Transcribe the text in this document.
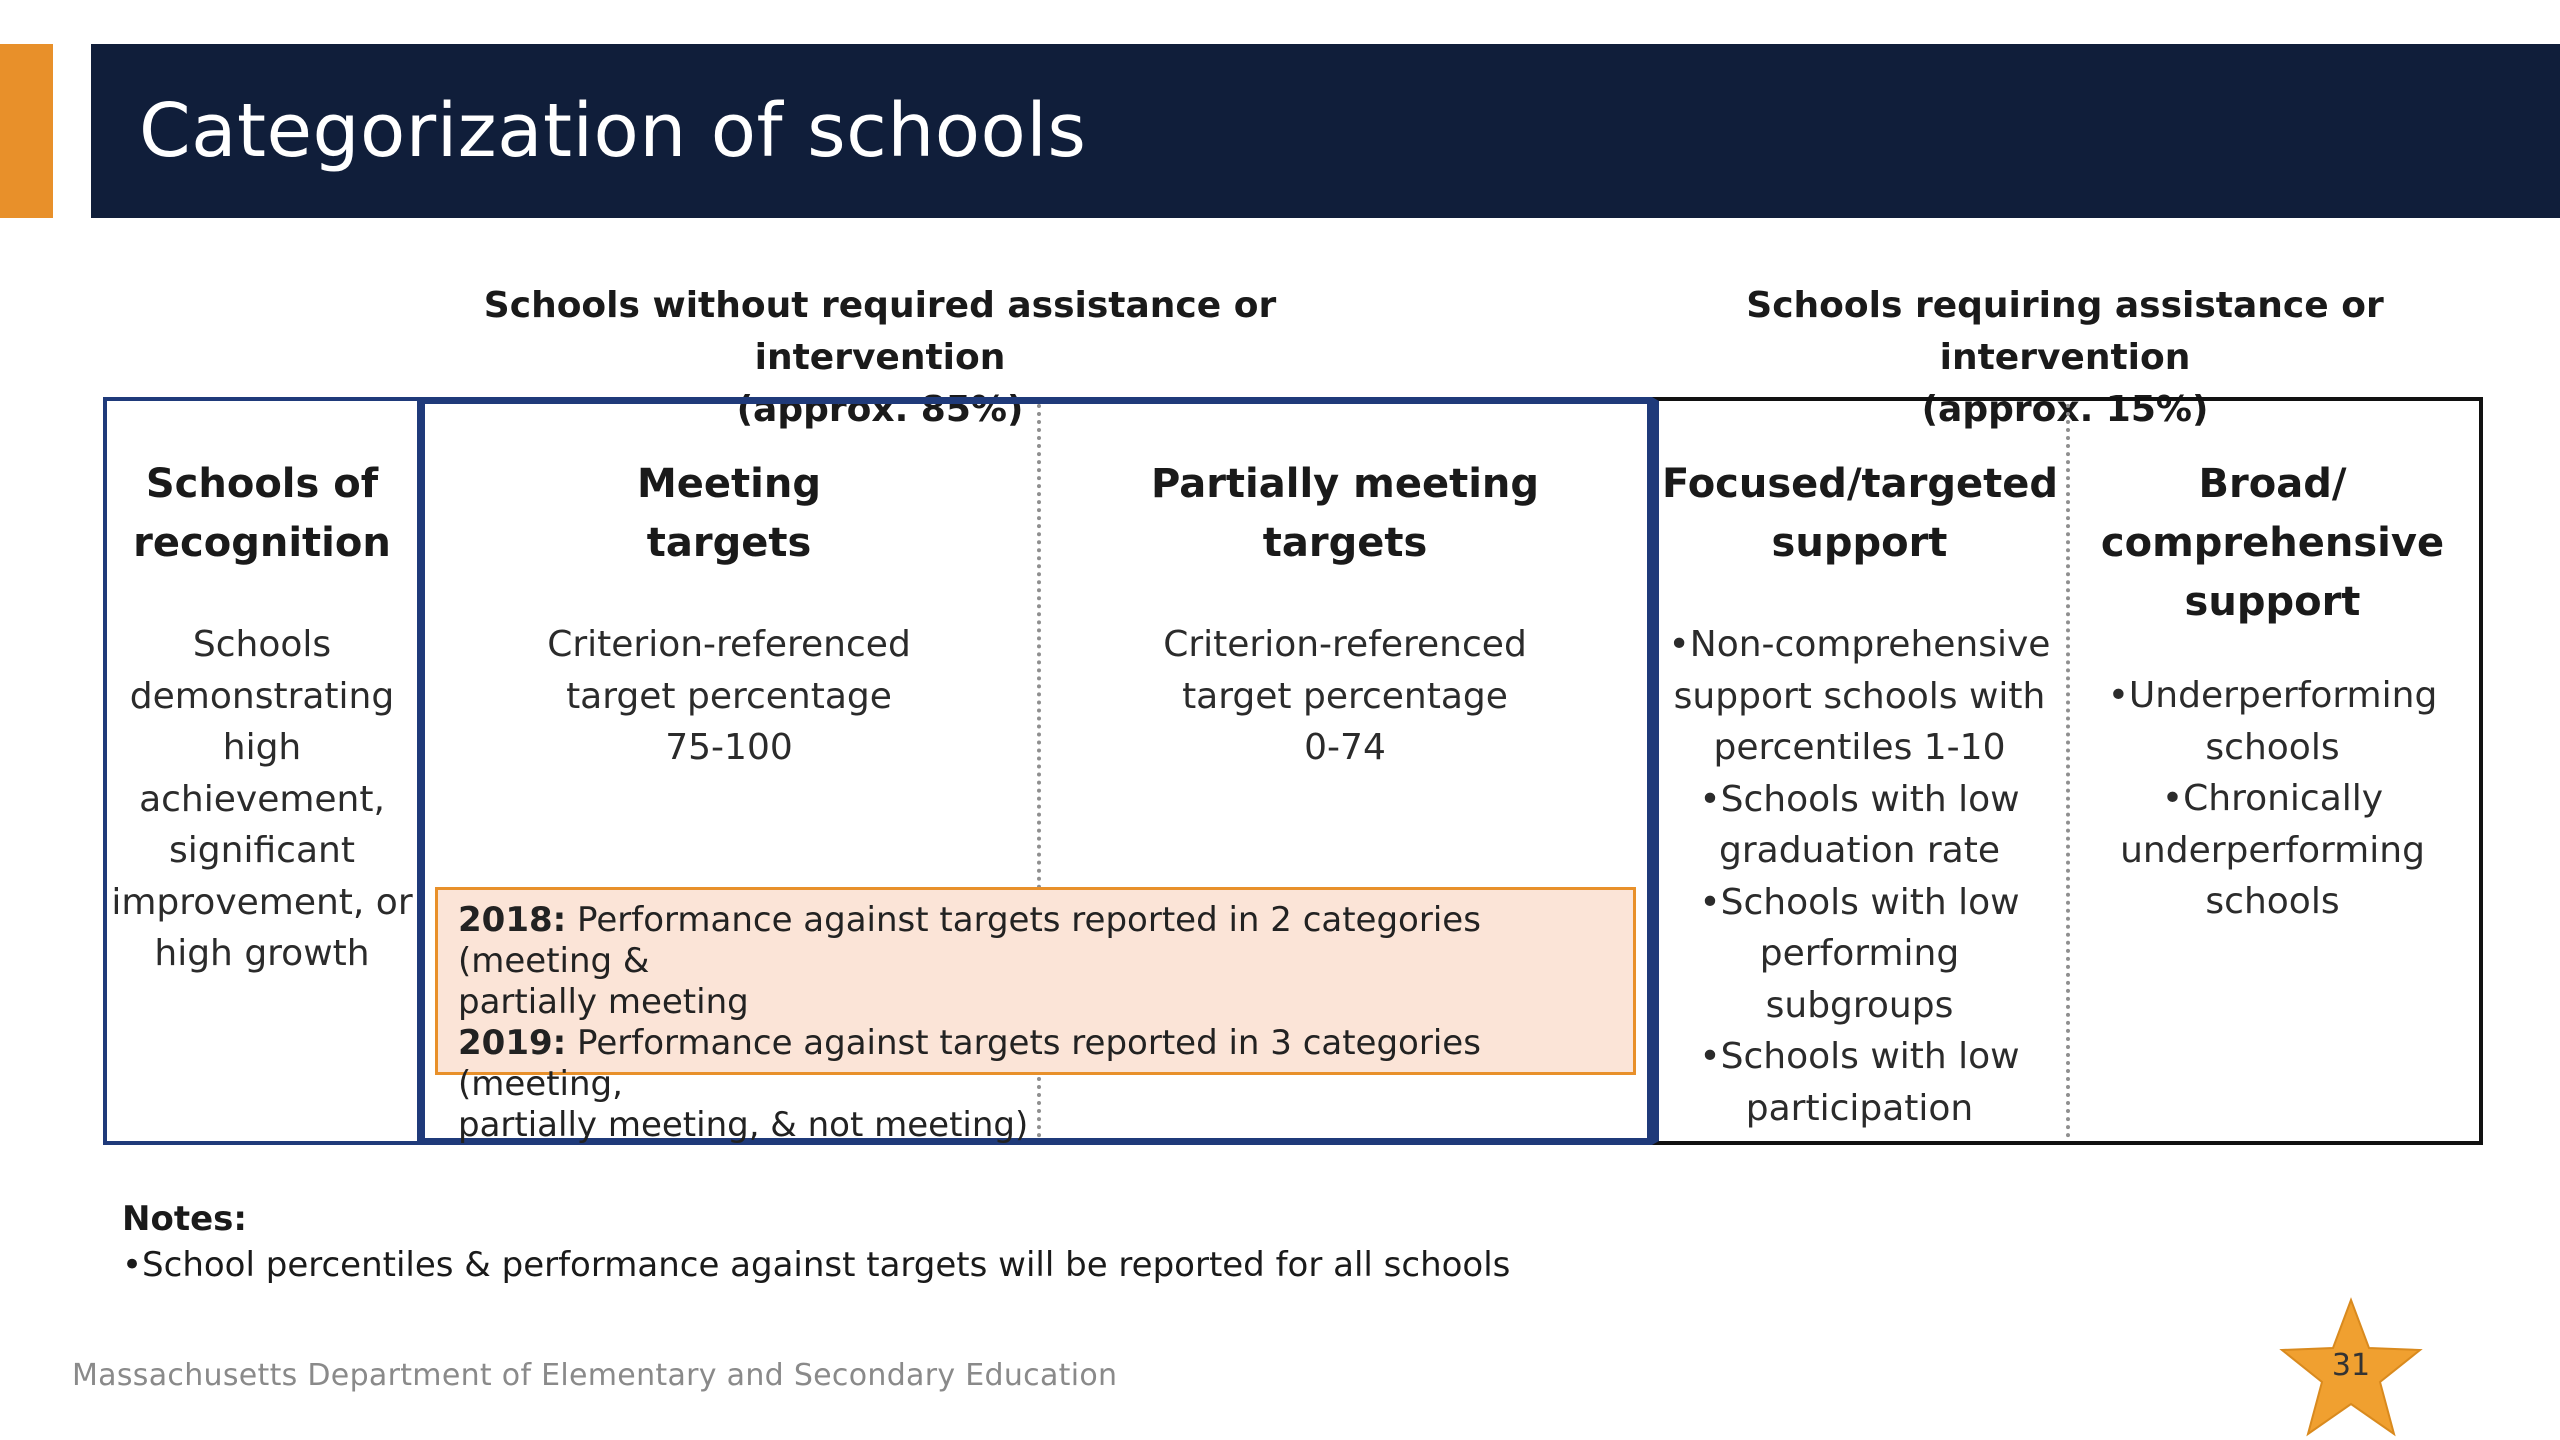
Categorization of schools
Schools without required assistance or intervention
(approx. 85%)
Schools requiring assistance or intervention
(approx. 15%)
Schools of
recognition
Schools
demonstrating
high
achievement,
significant
improvement, or
high growth
Meeting
targets
Criterion-referenced
target percentage
75-100
Partially meeting
targets
Criterion-referenced
target percentage
0-74
Focused/targeted
support
•Non-comprehensive
support schools with
percentiles 1-10
•Schools with low
graduation rate
•Schools with low
performing subgroups
•Schools with low
participation
Broad/
comprehensive
support
•Underperforming
schools
•Chronically
underperforming
schools

2018: Performance against targets reported in 2 categories (meeting &

partially meeting

2019: Performance against targets reported in 3 categories (meeting,

partially meeting, & not meeting)

Notes:
•School percentiles & performance against targets will be reported for all schools
Massachusetts Department of Elementary and Secondary Education	31
